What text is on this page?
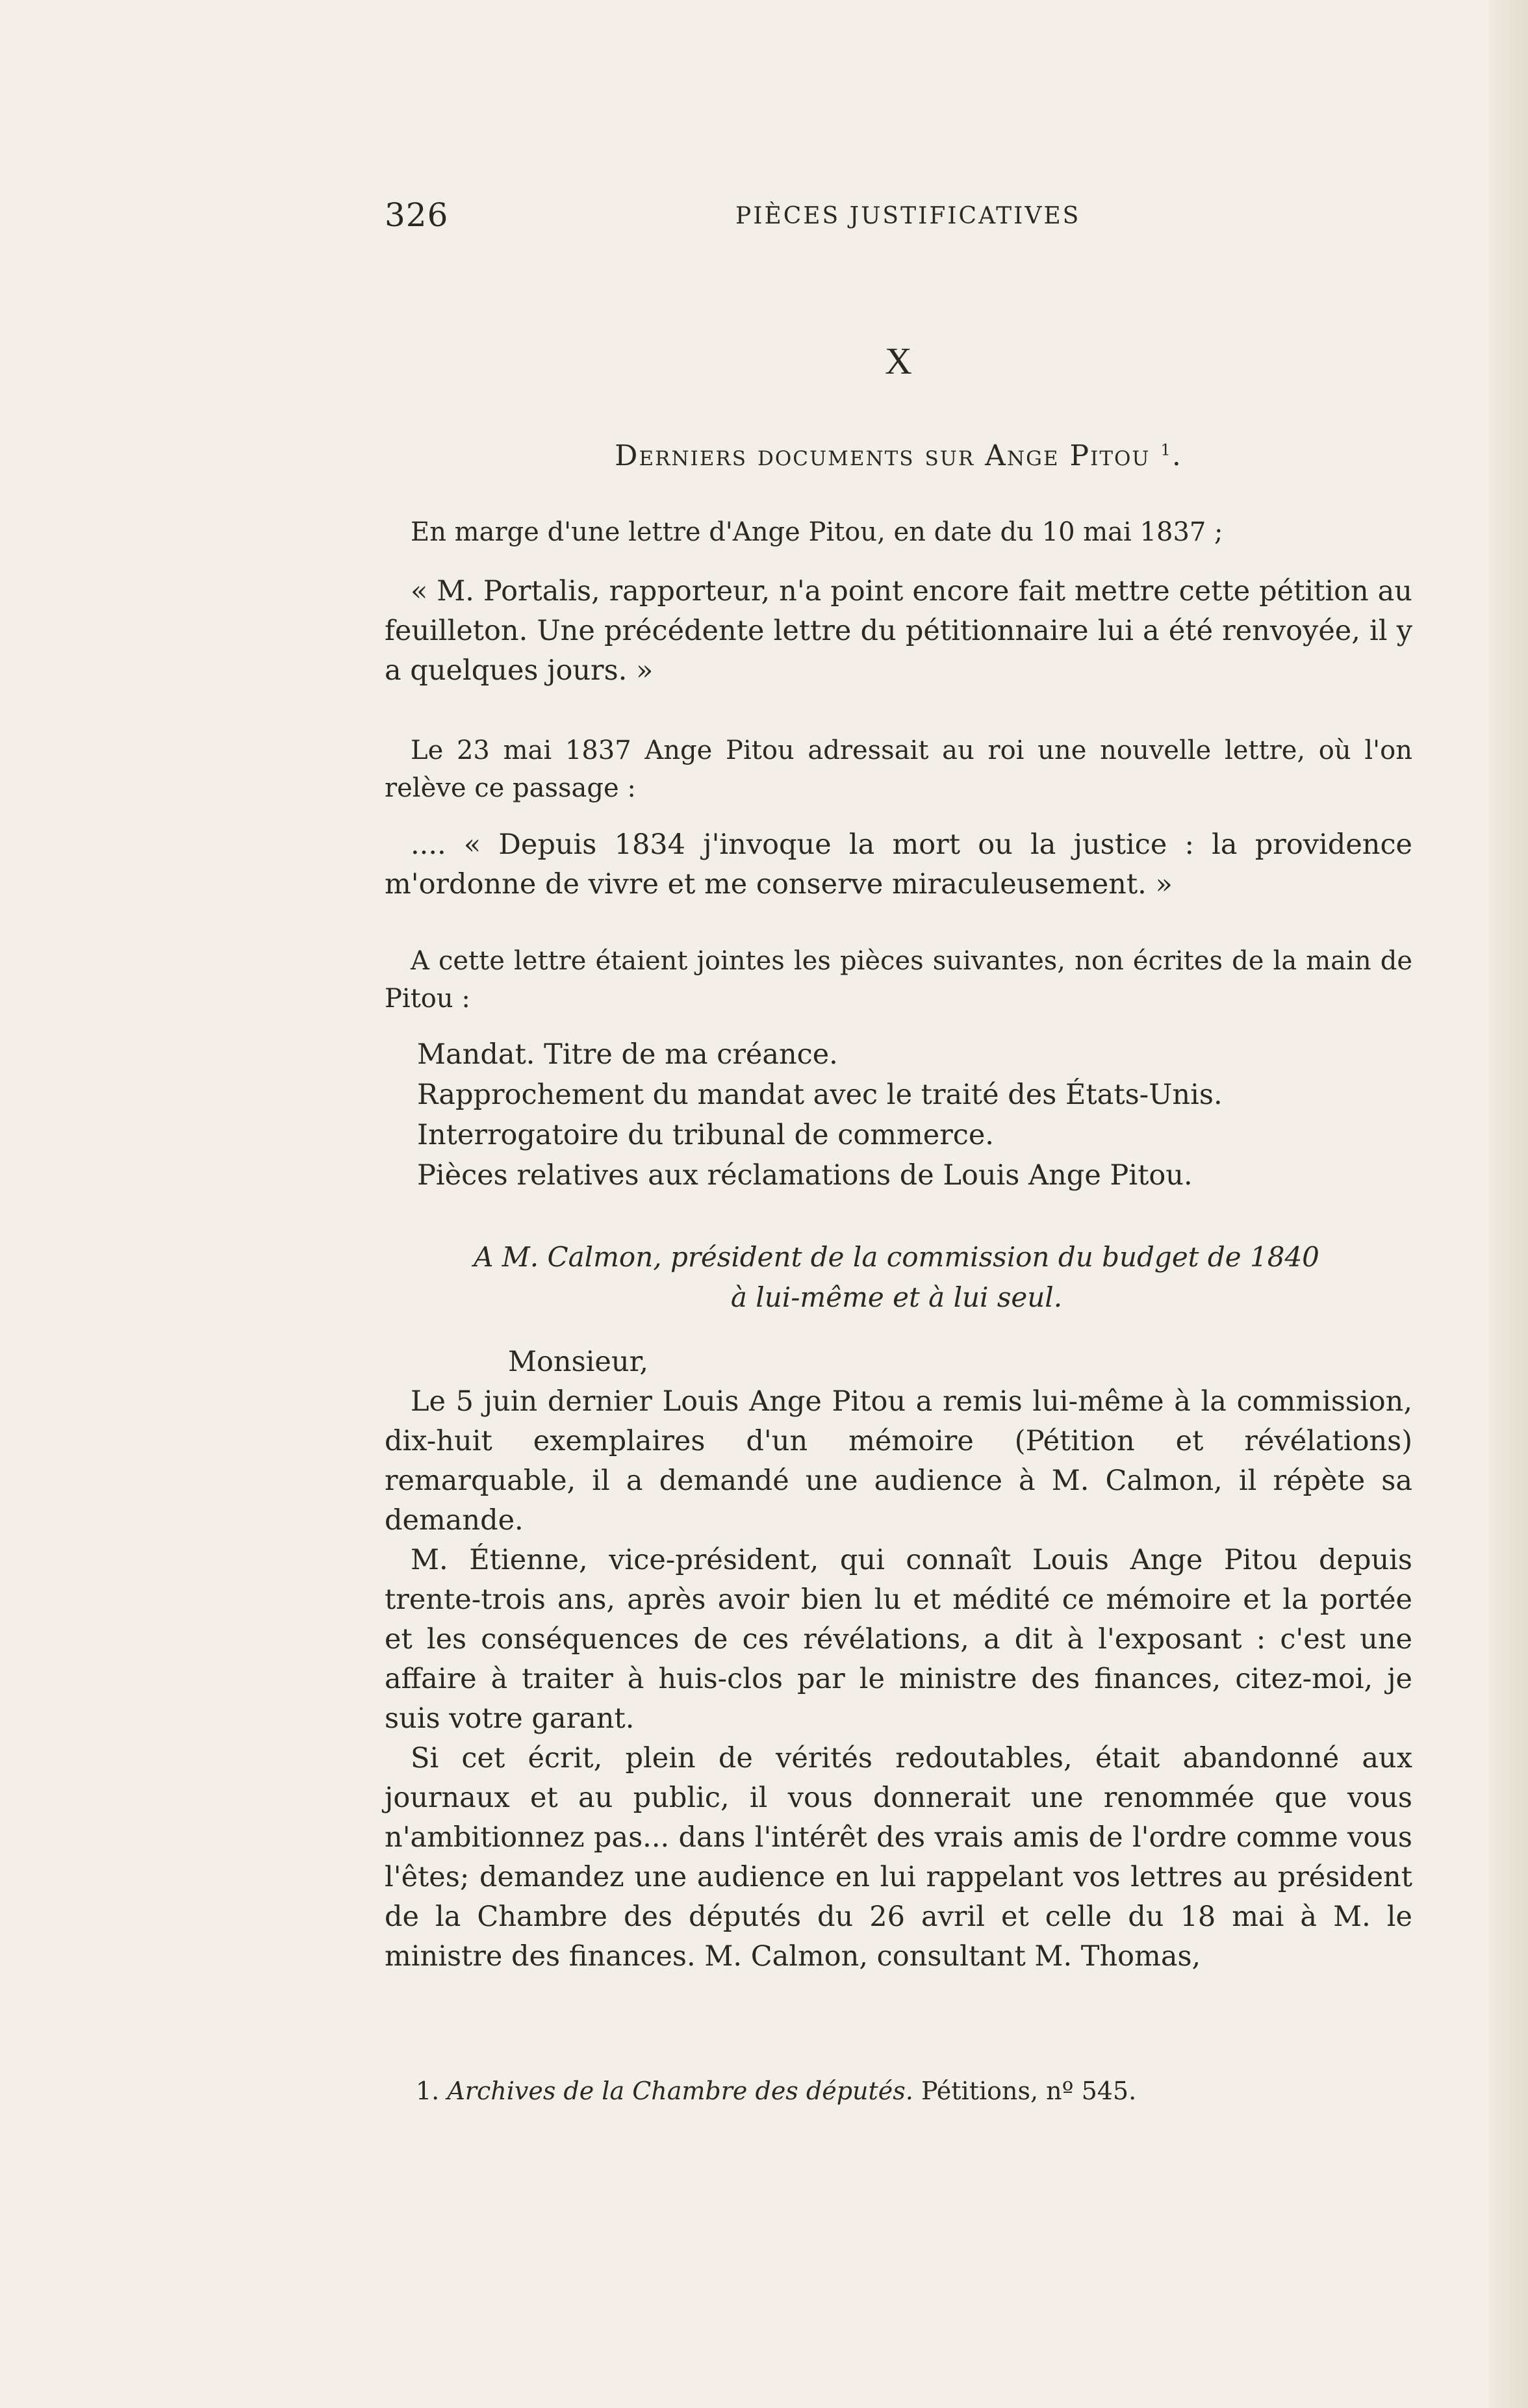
326	PIÈCES JUSTIFICATIVES
X
Derniers documents sur Ange Pitou $^1$.

En marge d'une lettre d'Ange Pitou, en date du 10 mai 1837 ;

« M. Portalis, rapporteur, n'a point encore fait mettre cette pétition au feuilleton. Une précédente lettre du pétitionnaire lui a été renvoyée, il y a quelques jours. »

Le 23 mai 1837 Ange Pitou adressait au roi une nouvelle lettre, où l'on relève ce passage :

.... « Depuis 1834 j'invoque la mort ou la justice : la providence m'ordonne de vivre et me conserve miraculeusement. »

A cette lettre étaient jointes les pièces suivantes, non écrites de la main de Pitou :

Mandat. Titre de ma créance.
Rapprochement du mandat avec le traité des États-Unis.
Interrogatoire du tribunal de commerce.
Pièces relatives aux réclamations de Louis Ange Pitou.
A M. Calmon, président de la commission du budget de 1840
à lui-même et à lui seul.

Monsieur,

Le 5 juin dernier Louis Ange Pitou a remis lui-même à la commission, dix-huit exemplaires d'un mémoire (Pétition et révélations) remarquable, il a demandé une audience à M. Calmon, il répète sa demande.

M. Étienne, vice-président, qui connaît Louis Ange Pitou depuis trente-trois ans, après avoir bien lu et médité ce mémoire et la portée et les conséquences de ces révélations, a dit à l'exposant : c'est une affaire à traiter à huis-clos par le ministre des finances, citez-moi, je suis votre garant.

Si cet écrit, plein de vérités redoutables, était abandonné aux journaux et au public, il vous donnerait une renommée que vous n'ambitionnez pas... dans l'intérêt des vrais amis de l'ordre comme vous l'êtes; demandez une audience en lui rappelant vos lettres au président de la Chambre des députés du 26 avril et celle du 18 mai à M. le ministre des finances. M. Calmon, consultant M. Thomas,

1. Archives de la Chambre des députés. Pétitions, nº 545.
